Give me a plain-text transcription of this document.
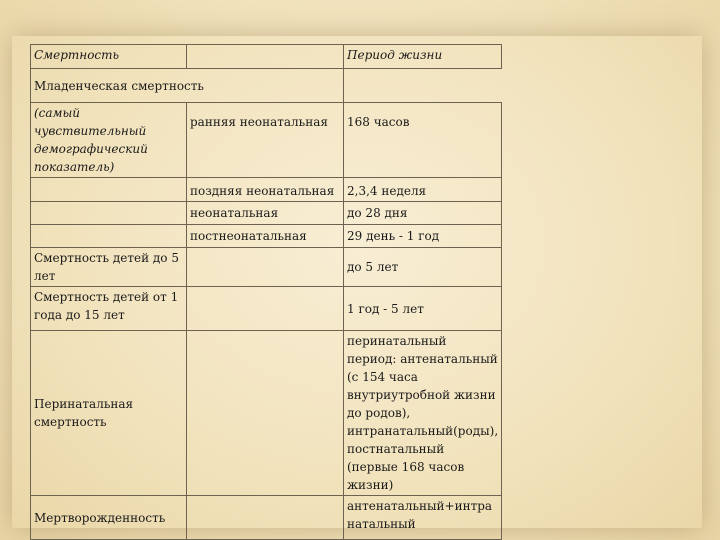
Смертность		Период жизни	
Младенческая смертность			
(самый чувствительный демографический показатель)	ранняя неонатальная	168 часов	
	поздняя неонатальная	2,3,4 неделя	
	неонатальная	до 28 дня	
	постнеонатальная	29 день - 1 год	
Смертность детей до 5 лет		до 5 лет	
Смертность детей от 1 года до 15 лет		1 год - 5 лет	
Перинатальная смертность		перинатальный период: антенатальный (с 154 часа внутриутробной жизни до родов), интранатальный(роды), постнатальный (первые 168 часов жизни)	
Мертворожденность		антенатальный+интранатальный	
